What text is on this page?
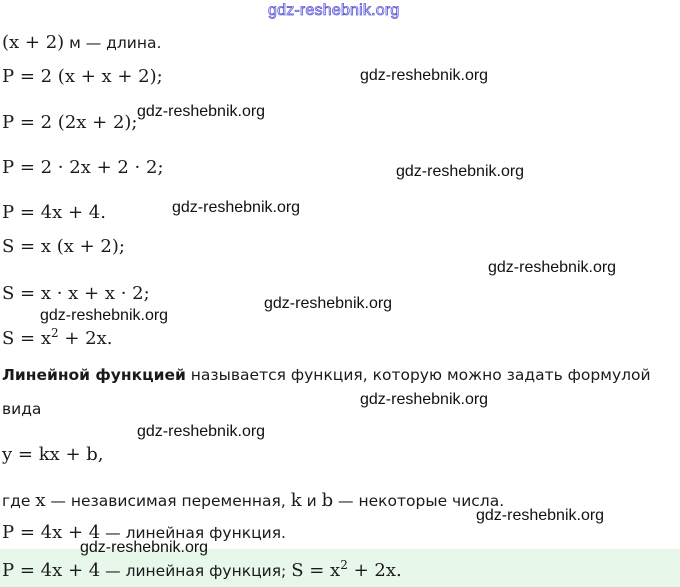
gdz-reshebnik.org
(x + 2) м — длина.
P = 2 (x + x + 2);
P = 2 (2x + 2);
P = 2 · 2x + 2 · 2;
P = 4x + 4.
S = x (x + 2);
S = x · x + x · 2;
$S = x^2 + 2x$.
Линейной функцией называется функция, которую можно задать формулой
вида
y = kx + b,
где x — независимая переменная, k и b — некоторые числа.
P = 4x + 4 — линейная функция.
P = 4x + 4 — линейная функция; $S = x^2 + 2x$.
gdz-reshebnik.org
gdz-reshebnik.org
gdz-reshebnik.org
gdz-reshebnik.org
gdz-reshebnik.org
gdz-reshebnik.org
gdz-reshebnik.org
gdz-reshebnik.org
gdz-reshebnik.org
gdz-reshebnik.org
gdz-reshebnik.org
